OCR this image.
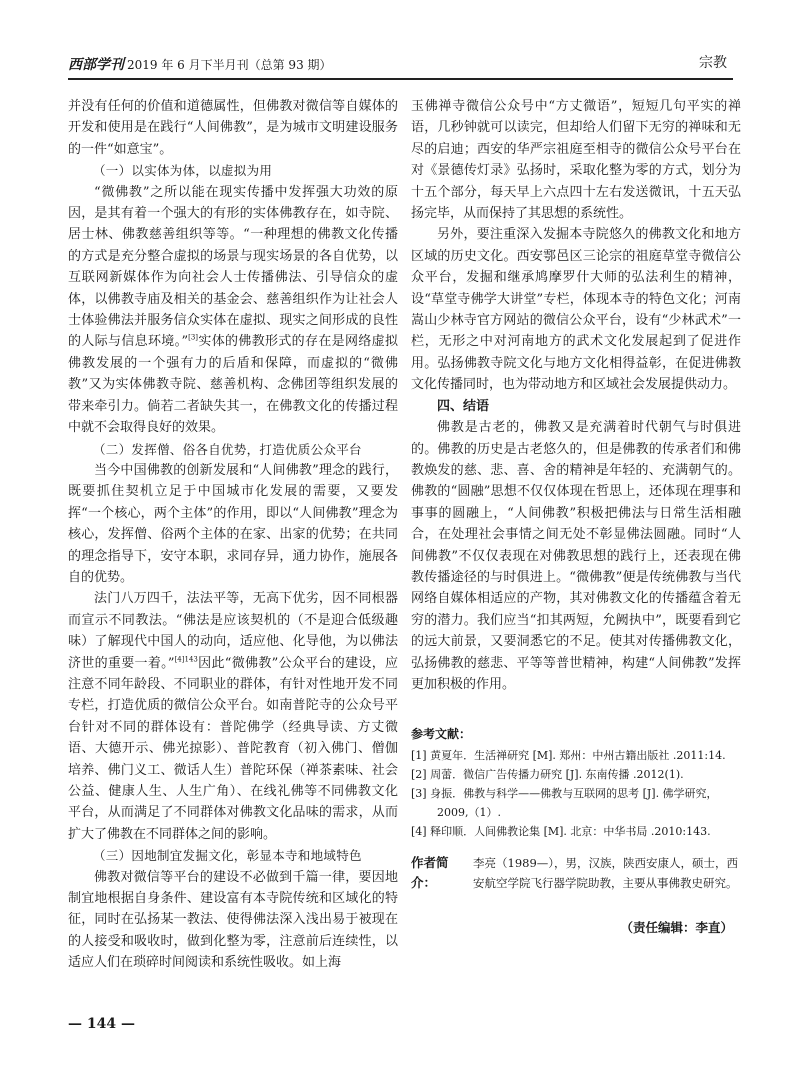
西部学刊 2019 年 6 月下半月刊（总第 93 期）	宗教

并没有任何的价值和道德属性，但佛教对微信等自媒体的开发和使用是在践行“人间佛教”，是为城市文明建设服务的一件“如意宝”。

（一）以实体为体，以虚拟为用

“微佛教”之所以能在现实传播中发挥强大功效的原因，是其有着一个强大的有形的实体佛教存在，如寺院、居士林、佛教慈善组织等等。“一种理想的佛教文化传播的方式是充分整合虚拟的场景与现实场景的各自优势，以互联网新媒体作为向社会人士传播佛法、引导信众的虚体，以佛教寺庙及相关的基金会、慈善组织作为让社会人士体验佛法并服务信众实体在虚拟、现实之间形成的良性的人际与信息环境。”[3]实体的佛教形式的存在是网络虚拟佛教发展的一个强有力的后盾和保障，而虚拟的“微佛教”又为实体佛教寺院、慈善机构、念佛团等组织发展的带来牵引力。倘若二者缺失其一，在佛教文化的传播过程中就不会取得良好的效果。

（二）发挥僧、俗各自优势，打造优质公众平台

当今中国佛教的创新发展和“人间佛教”理念的践行，既要抓住契机立足于中国城市化发展的需要，又要发挥“一个核心，两个主体”的作用，即以“人间佛教”理念为核心，发挥僧、俗两个主体的在家、出家的优势；在共同的理念指导下，安守本职，求同存异，通力协作，施展各自的优势。

法门八万四千，法法平等，无高下优劣，因不同根器而宣示不同教法。“佛法是应该契机的（不是迎合低级趣味）了解现代中国人的动向，适应他、化导他，为以佛法济世的重要一着。”$^{[4]143}$因此“微佛教”公众平台的建设，应注意不同年龄段、不同职业的群体，有针对性地开发不同专栏，打造优质的微信公众平台。如南普陀寺的公众号平台针对不同的群体设有：普陀佛学（经典导读、方丈微语、大德开示、佛光掠影）、普陀教育（初入佛门、僧伽培养、佛门义工、微话人生）普陀环保（禅茶素味、社会公益、健康人生、人生广角）、在线礼佛等不同佛教文化平台，从而满足了不同群体对佛教文化品味的需求，从而扩大了佛教在不同群体之间的影响。

（三）因地制宜发掘文化，彰显本寺和地域特色

佛教对微信等平台的建设不必做到千篇一律，要因地制宜地根据自身条件、建设富有本寺院传统和区域化的特征，同时在弘扬某一教法、使得佛法深入浅出易于被现在的人接受和吸收时，做到化整为零，注意前后连续性，以适应人们在琐碎时间阅读和系统性吸收。如上海

玉佛禅寺微信公众号中“方丈微语”，短短几句平实的禅语，几秒钟就可以读完，但却给人们留下无穷的禅味和无尽的启迪；西安的华严宗祖庭至相寺的微信公众号平台在对《景德传灯录》弘扬时，采取化整为零的方式，划分为十五个部分，每天早上六点四十左右发送微讯，十五天弘扬完毕，从而保持了其思想的系统性。

另外，要注重深入发掘本寺院悠久的佛教文化和地方区域的历史文化。西安鄠邑区三论宗的祖庭草堂寺微信公众平台，发掘和继承鸠摩罗什大师的弘法利生的精神，设“草堂寺佛学大讲堂”专栏，体现本寺的特色文化；河南嵩山少林寺官方网站的微信公众平台，设有“少林武术”一栏，无形之中对河南地方的武术文化发展起到了促进作用。弘扬佛教寺院文化与地方文化相得益彰，在促进佛教文化传播同时，也为带动地方和区域社会发展提供动力。

四、结语

佛教是古老的，佛教又是充满着时代朝气与时俱进的。佛教的历史是古老悠久的，但是佛教的传承者们和佛教焕发的慈、悲、喜、舍的精神是年轻的、充满朝气的。佛教的“圆融”思想不仅仅体现在哲思上，还体现在理事和事事的圆融上，“人间佛教”积极把佛法与日常生活相融合，在处理社会事情之间无处不彰显佛法圆融。同时“人间佛教”不仅仅表现在对佛教思想的践行上，还表现在佛教传播途径的与时俱进上。“微佛教”便是传统佛教与当代网络自媒体相适应的产物，其对佛教文化的传播蕴含着无穷的潜力。我们应当“扣其两短，允阙执中”，既要看到它的远大前景，又要洞悉它的不足。使其对传播佛教文化，弘扬佛教的慈悲、平等等普世精神，构建“人间佛教”发挥更加积极的作用。

参考文献：

[1] 黄夏年．生活禅研究 [M]. 郑州：中州古籍出版社 .2011:14.

[2] 周蕾．微信广告传播力研究 [J]. 东南传播 .2012(1).

[3] 身振．佛教与科学——佛教与互联网的思考 [J]. 佛学研究，2009,（1）.

[4] 释印顺．人间佛教论集 [M]. 北京：中华书局 .2010:143.

作者简介：
李亮（1989—），男，汉族，陕西安康人，硕士，西安航空学院飞行器学院助教，主要从事佛教史研究。
（责任编辑：李直）
— 144 —
